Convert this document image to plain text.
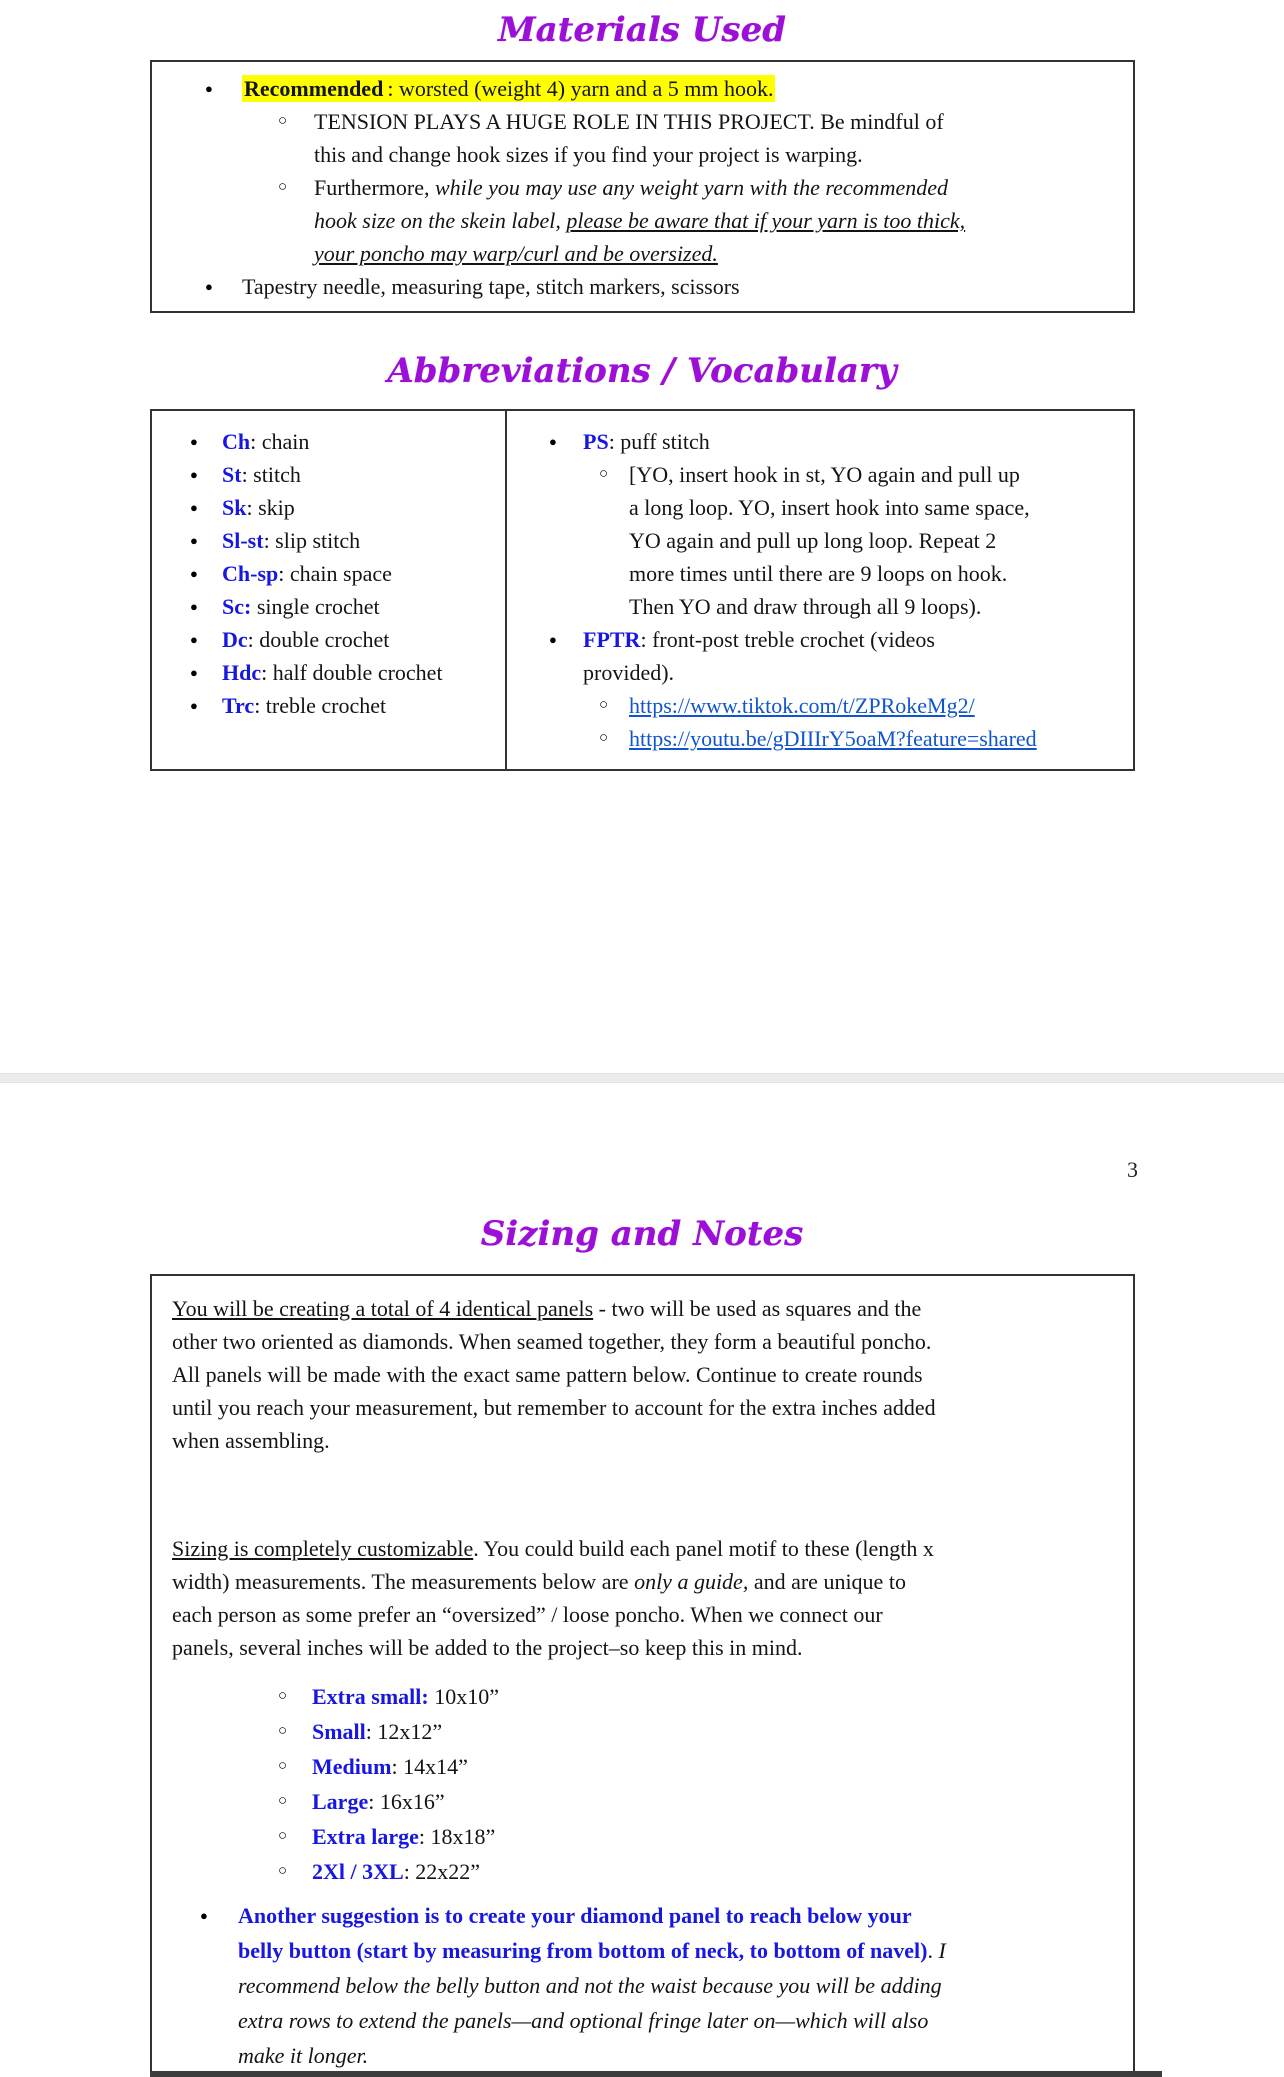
Materials Used
● Recommended : worsted (weight 4) yarn and a 5 mm hook.
○ TENSION PLAYS A HUGE ROLE IN THIS PROJECT. Be mindful of
this and change hook sizes if you find your project is warping.
○ Furthermore, while you may use any weight yarn with the recommended
hook size on the skein label, please be aware that if your yarn is too thick,
your poncho may warp/curl and be oversized.
● Tapestry needle, measuring tape, stitch markers, scissors
Abbreviations / Vocabulary
● Ch: chain
● St: stitch
● Sk: skip
● Sl-st: slip stitch
● Ch-sp: chain space
● Sc: single crochet
● Dc: double crochet
● Hdc: half double crochet
● Trc: treble crochet
● PS: puff stitch
○ [YO, insert hook in st, YO again and pull up
a long loop. YO, insert hook into same space,
YO again and pull up long loop. Repeat 2
more times until there are 9 loops on hook.
Then YO and draw through all 9 loops).
● FPTR: front-post treble crochet (videos
provided).
○ https://www.tiktok.com/t/ZPRokeMg2/
○ https://youtu.be/gDIIIrY5oaM?feature=shared
3
Sizing and Notes

You will be creating a total of 4 identical panels - two will be used as squares and the
other two oriented as diamonds. When seamed together, they form a beautiful poncho.
All panels will be made with the exact same pattern below. Continue to create rounds
until you reach your measurement, but remember to account for the extra inches added
when assembling.

Sizing is completely customizable. You could build each panel motif to these (length x
width) measurements. The measurements below are only a guide, and are unique to
each person as some prefer an “oversized” / loose poncho. When we connect our
panels, several inches will be added to the project–so keep this in mind.

○ Extra small: 10x10”
○ Small: 12x12”
○ Medium: 14x14”
○ Large: 16x16”
○ Extra large: 18x18”
○ 2Xl / 3XL: 22x22”
● Another suggestion is to create your diamond panel to reach below your
belly button (start by measuring from bottom of neck, to bottom of navel). I
recommend below the belly button and not the waist because you will be adding
extra rows to extend the panels—and optional fringe later on—which will also
make it longer.
